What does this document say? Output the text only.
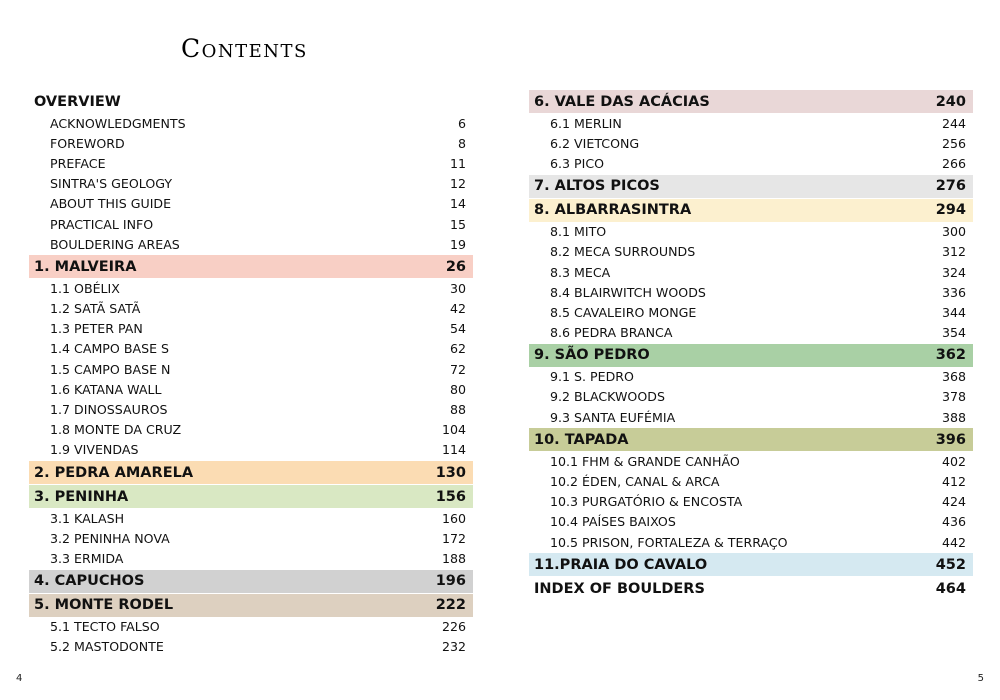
Contents
OVERVIEW
ACKNOWLEDGMENTS	6
FOREWORD	8
PREFACE	11
SINTRA'S GEOLOGY	12
ABOUT THIS GUIDE	14
PRACTICAL INFO	15
BOULDERING AREAS	19
1. MALVEIRA	26
1.1 OBÉLIX	30
1.2 SATÃ SATÃ	42
1.3 PETER PAN	54
1.4 CAMPO BASE S	62
1.5 CAMPO BASE N	72
1.6 KATANA WALL	80
1.7 DINOSSAUROS	88
1.8 MONTE DA CRUZ	104
1.9 VIVENDAS	114
2. PEDRA AMARELA	130
3. PENINHA	156
3.1 KALASH	160
3.2 PENINHA NOVA	172
3.3 ERMIDA	188
4. CAPUCHOS	196
5. MONTE RODEL	222
5.1 TECTO FALSO	226
5.2 MASTODONTE	232
6. VALE DAS ACÁCIAS	240
6.1 MERLIN	244
6.2 VIETCONG	256
6.3 PICO	266
7. ALTOS PICOS	276
8. ALBARRASINTRA	294
8.1 MITO	300
8.2 MECA SURROUNDS	312
8.3 MECA	324
8.4 BLAIRWITCH WOODS	336
8.5 CAVALEIRO MONGE	344
8.6 PEDRA BRANCA	354
9. SÃO PEDRO	362
9.1 S. PEDRO	368
9.2 BLACKWOODS	378
9.3 SANTA EUFÉMIA	388
10. TAPADA	396
10.1 FHM & GRANDE CANHÃO	402
10.2 ÉDEN, CANAL & ARCA	412
10.3 PURGATÓRIO & ENCOSTA	424
10.4 PAÍSES BAIXOS	436
10.5 PRISON, FORTALEZA & TERRAÇO	442
11.PRAIA DO CAVALO	452
INDEX OF BOULDERS	464
4	5
